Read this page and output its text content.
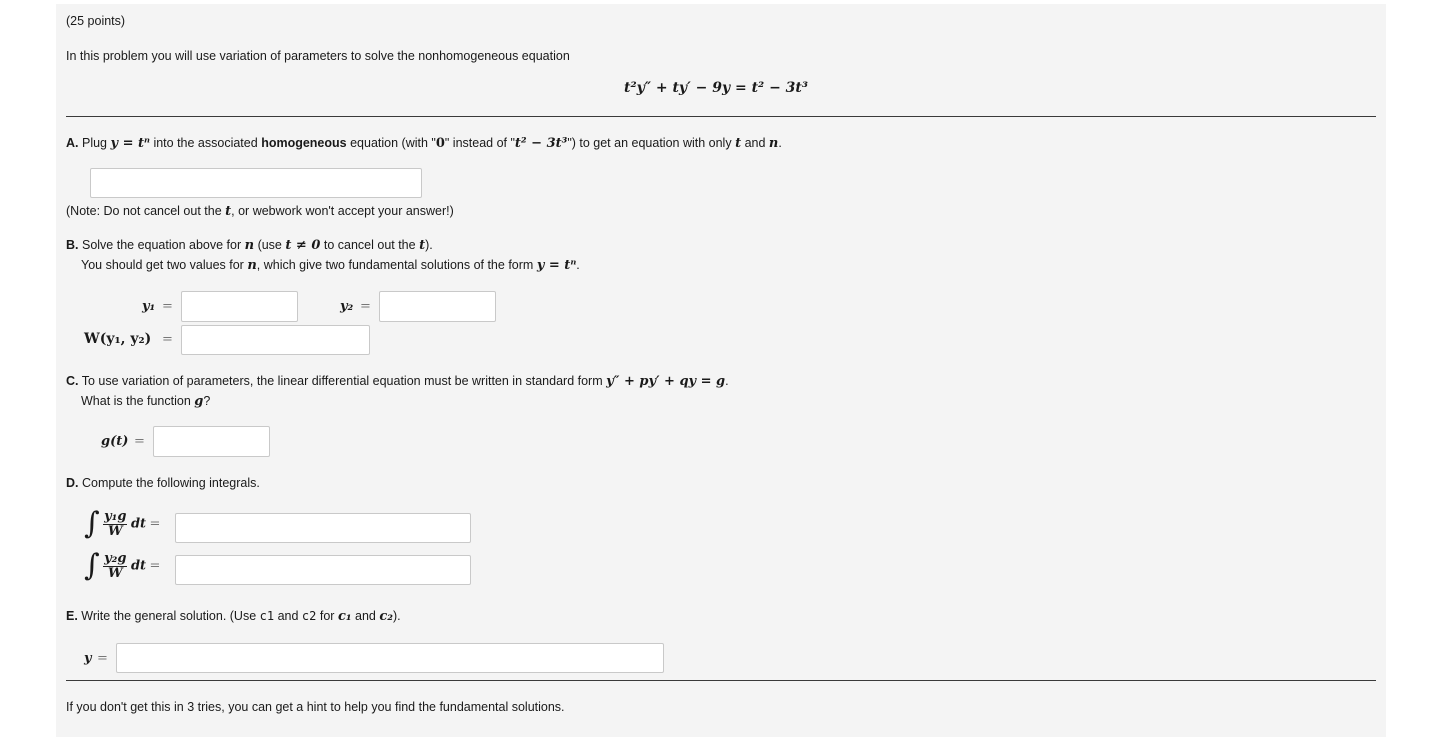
(25 points)
In this problem you will use variation of parameters to solve the nonhomogeneous equation
t²y″ + ty′ − 9y = t² − 3t³
A. Plug y = tⁿ into the associated homogeneous equation (with "0" instead of "t² − 3t³") to get an equation with only t and n.
(Note: Do not cancel out the t, or webwork won't accept your answer!)
B. Solve the equation above for n (use t ≠ 0 to cancel out the t).
You should get two values for n, which give two fundamental solutions of the form y = tⁿ.
y₁ =	y₂ =
W(y₁, y₂) =
C. To use variation of parameters, the linear differential equation must be written in standard form y″ + py′ + qy = g.
What is the function g?
g(t) =
D. Compute the following integrals.
∫ $\frac{\text{y₁g}}{W}$ dt =
∫ $\frac{\text{y₂g}}{W}$ dt =
E. Write the general solution. (Use c1 and c2 for c₁ and c₂).
y =
If you don't get this in 3 tries, you can get a hint to help you find the fundamental solutions.
